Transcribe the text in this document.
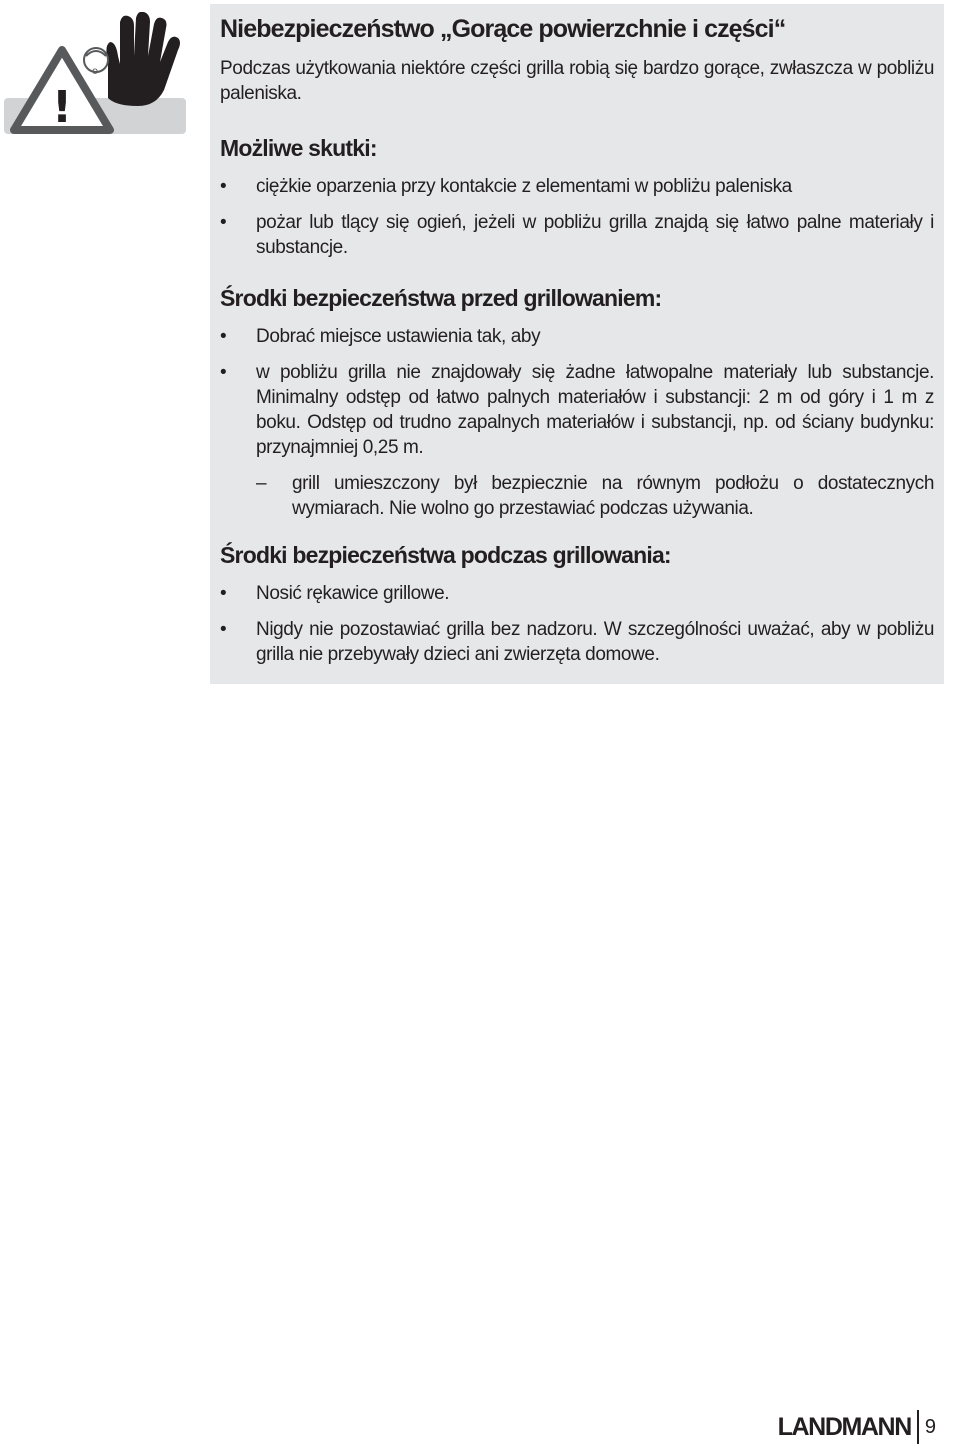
o
!
Niebezpieczeństwo „Gorące powierzchnie i części“

Podczas użytkowania niektóre części grilla robią się bardzo gorące, zwłaszcza w pobliżu paleniska.

Możliwe skutki:
• ciężkie oparzenia przy kontakcie z elementami w pobliżu paleniska
• pożar lub tlący się ogień, jeżeli w pobliżu grilla znajdą się łatwo palne materiały i substancje.
Środki bezpieczeństwa przed grillowaniem:
• Dobrać miejsce ustawienia tak, aby
• w pobliżu grilla nie znajdowały się żadne łatwopalne materiały lub substancje. Minimalny odstęp od łatwo palnych materiałów i substancji: 2 m od góry i 1 m z boku. Odstęp od trudno zapalnych materiałów i substancji, np. od ściany budynku: przynajmniej 0,25 m.
– grill umieszczony był bezpiecznie na równym podłożu o dostatecznych wymiarach. Nie wolno go przestawiać podczas używania.
Środki bezpieczeństwa podczas grillowania:
• Nosić rękawice grillowe.
• Nigdy nie pozostawiać grilla bez nadzoru. W szczególności uważać, aby w pobliżu grilla nie przebywały dzieci ani zwierzęta domowe.
LANDMANN 9
